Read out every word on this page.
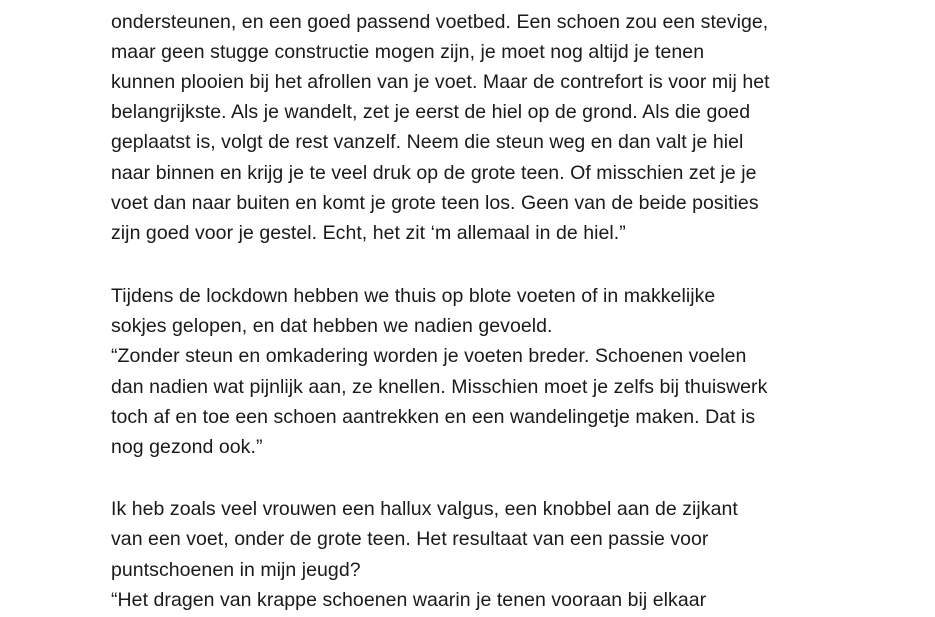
ondersteunen, en een goed passend voetbed. Een schoen zou een stevige,
maar geen stugge constructie mogen zijn, je moet nog altijd je tenen
kunnen plooien bij het afrollen van je voet. Maar de contrefort is voor mij het
belangrijkste. Als je wandelt, zet je eerst de hiel op de grond. Als die goed
geplaatst is, volgt de rest vanzelf. Neem die steun weg en dan valt je hiel
naar binnen en krijg je te veel druk op de grote teen. Of misschien zet je je
voet dan naar buiten en komt je grote teen los. Geen van de beide posities
zijn goed voor je gestel. Echt, het zit ‘m allemaal in de hiel.”
Tijdens de lockdown hebben we thuis op blote voeten of in makkelijke
sokjes gelopen, en dat hebben we nadien gevoeld.
“Zonder steun en omkadering worden je voeten breder. Schoenen voelen
dan nadien wat pijnlijk aan, ze knellen. Misschien moet je zelfs bij thuiswerk
toch af en toe een schoen aantrekken en een wandelingetje maken. Dat is
nog gezond ook.”
Ik heb zoals veel vrouwen een hallux valgus, een knobbel aan de zijkant
van een voet, onder de grote teen. Het resultaat van een passie voor
puntschoenen in mijn jeugd?
“Het dragen van krappe schoenen waarin je tenen vooraan bij elkaar
